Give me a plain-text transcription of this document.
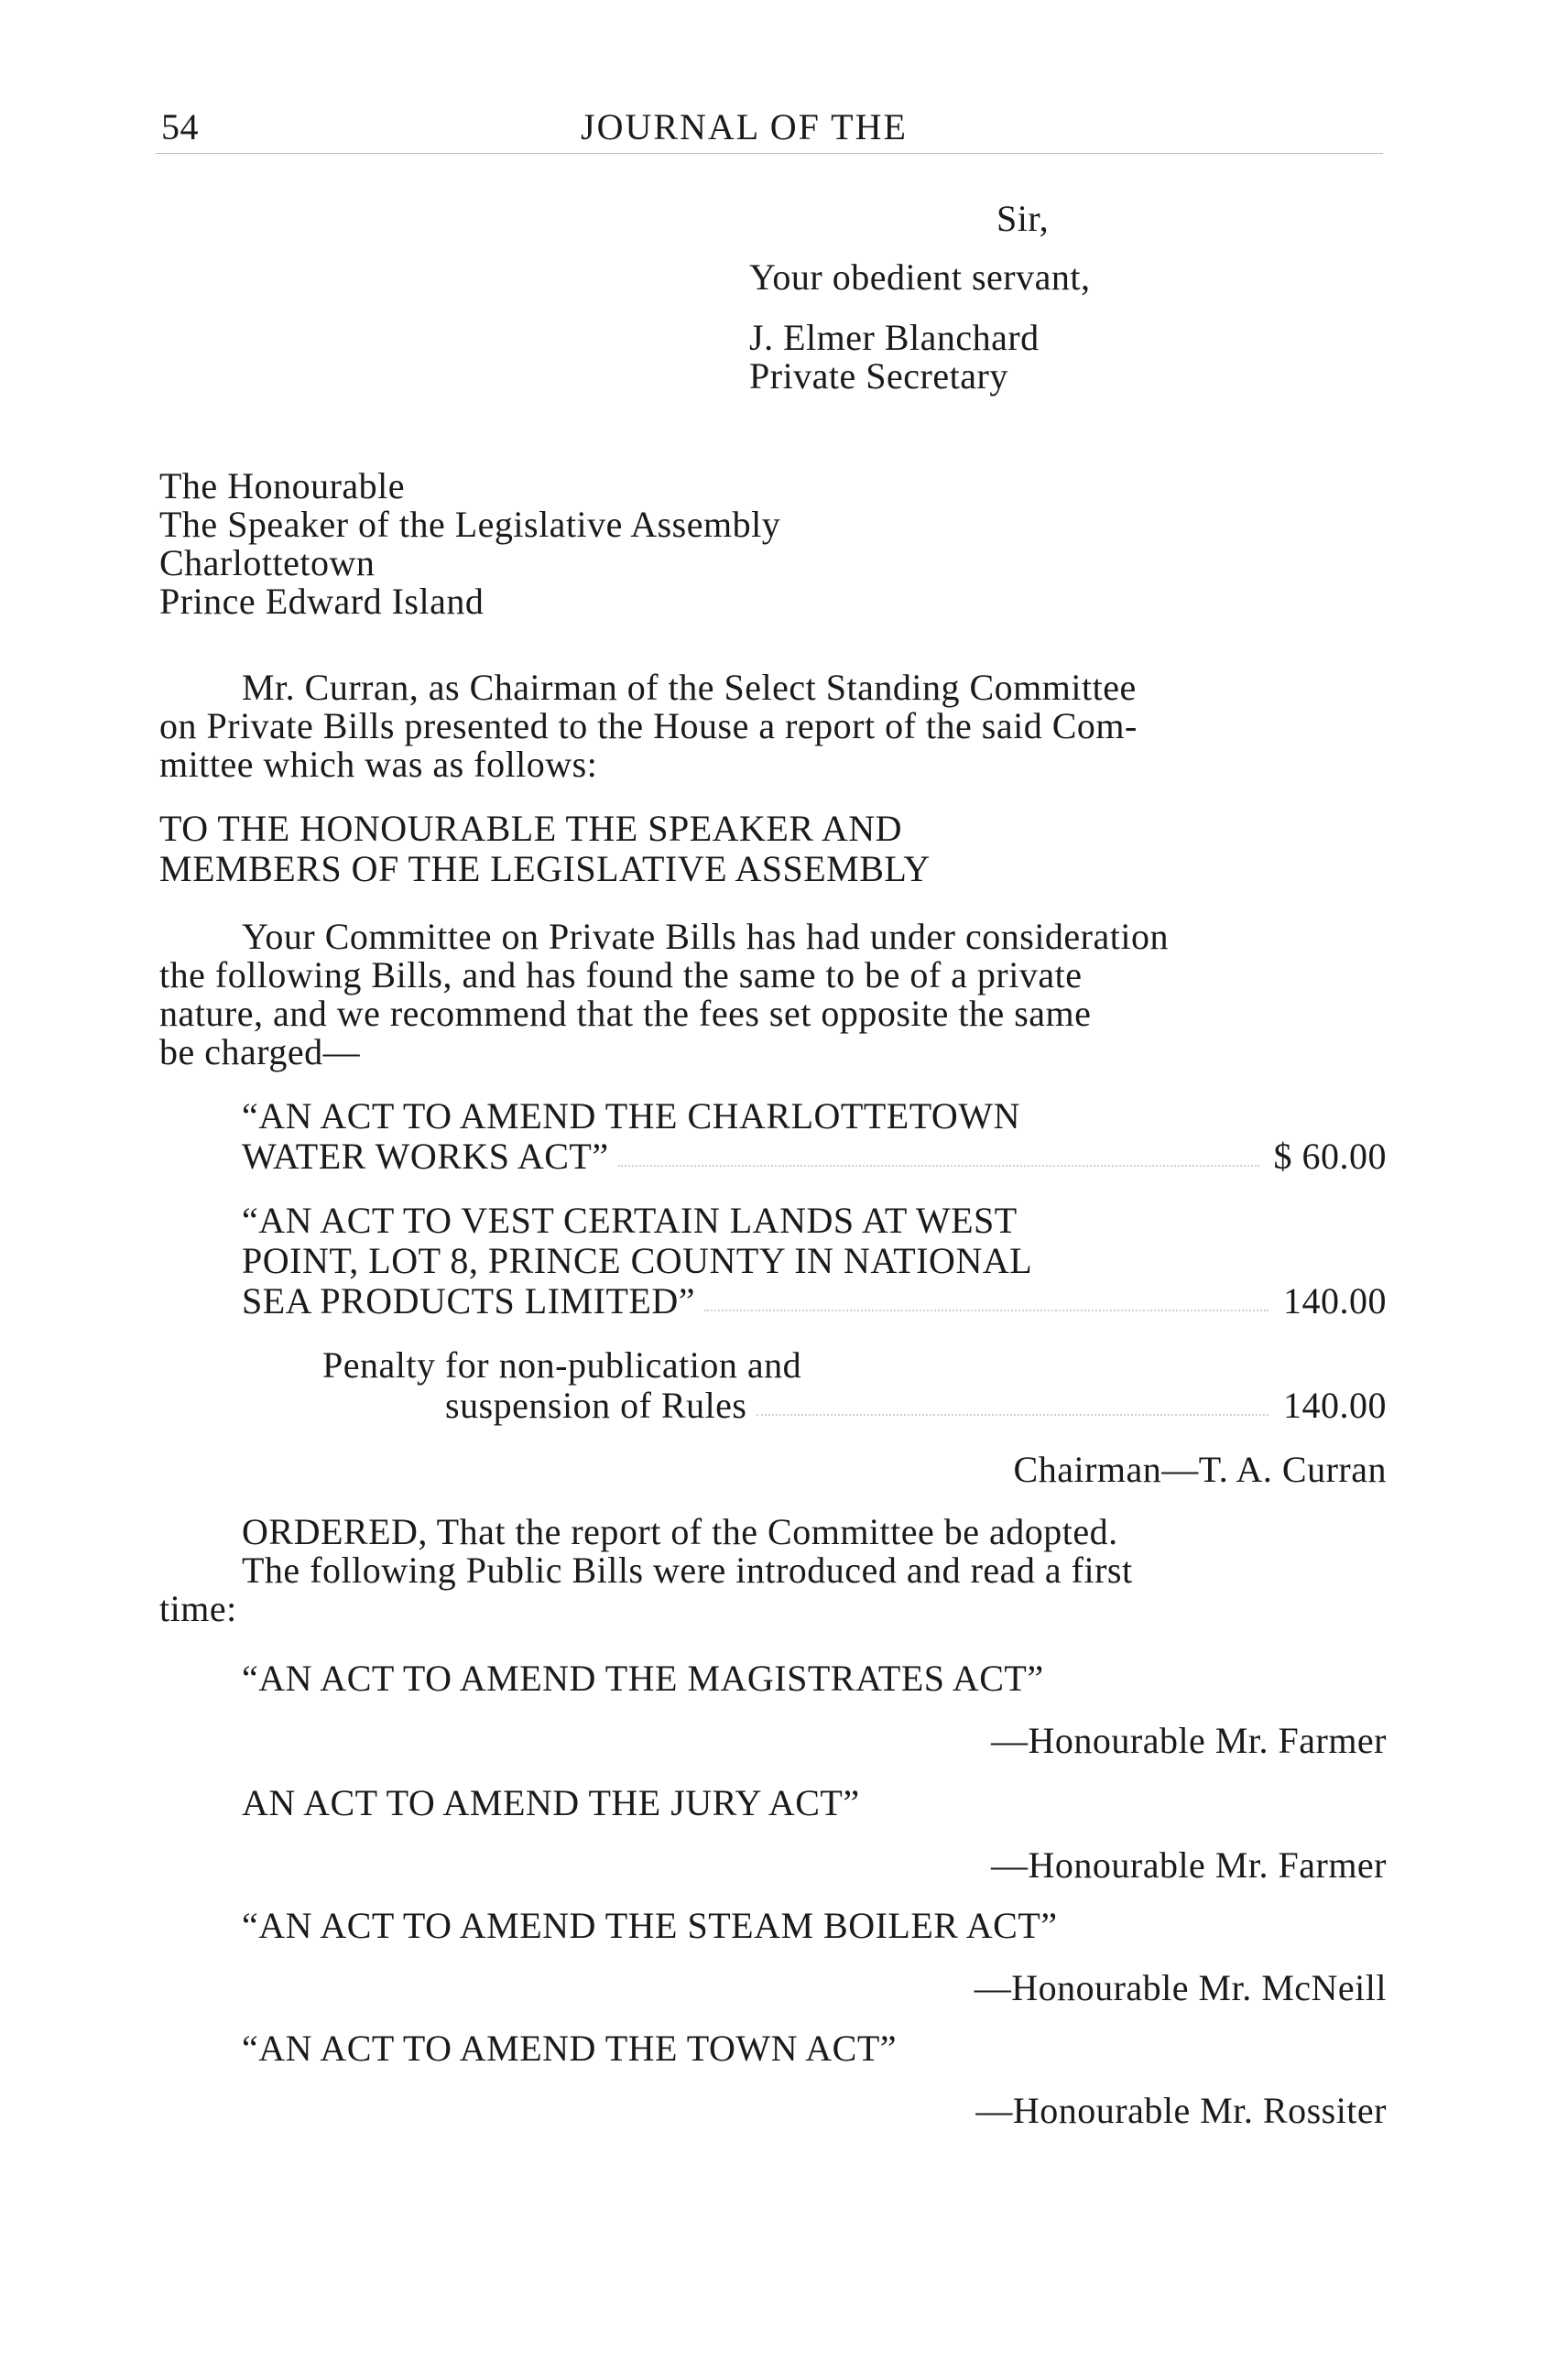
54	JOURNAL OF THE
Sir,
Your obedient servant,
J. Elmer Blanchard
Private Secretary
The Honourable
The Speaker of the Legislative Assembly
Charlottetown
Prince Edward Island
Mr. Curran, as Chairman of the Select Standing Committee
on Private Bills presented to the House a report of the said Com-
mittee which was as follows:
TO THE HONOURABLE THE SPEAKER AND
MEMBERS OF THE LEGISLATIVE ASSEMBLY
Your Committee on Private Bills has had under consideration
the following Bills, and has found the same to be of a private
nature, and we recommend that the fees set opposite the same
be charged—
“AN ACT TO AMEND THE CHARLOTTETOWN
WATER WORKS ACT”	$ 60.00
“AN ACT TO VEST CERTAIN LANDS AT WEST
POINT, LOT 8, PRINCE COUNTY IN NATIONAL
SEA PRODUCTS LIMITED”	140.00
Penalty for non-publication and
suspension of Rules	140.00
Chairman—T. A. Curran
ORDERED, That the report of the Committee be adopted.
The following Public Bills were introduced and read a first
time:
“AN ACT TO AMEND THE MAGISTRATES ACT”
—Honourable Mr. Farmer
AN ACT TO AMEND THE JURY ACT”
—Honourable Mr. Farmer
“AN ACT TO AMEND THE STEAM BOILER ACT”
—Honourable Mr. McNeill
“AN ACT TO AMEND THE TOWN ACT”
—Honourable Mr. Rossiter
